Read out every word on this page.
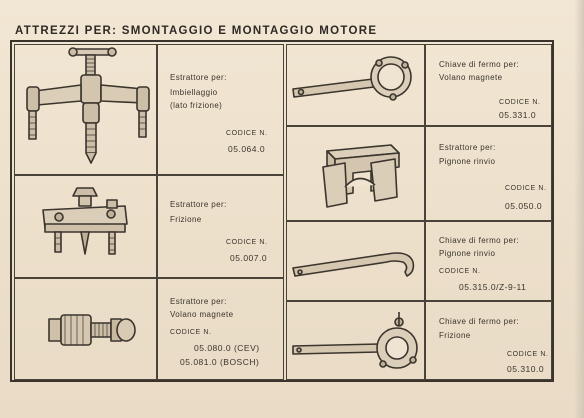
ATTREZZI PER: SMONTAGGIO E MONTAGGIO MOTORE
Estrattore per:
Imbiellaggio
(lato frizione)
CODICE N.
05.064.0
Estrattore per:
Frizione
CODICE N.
05.007.0
Estrattore per:
Volano magnete
CODICE N.
05.080.0 (CEV)
05.081.0 (BOSCH)
Chiave di fermo per:
Volano magnete
CODICE N.
05.331.0
Estrattore per:
Pignone rinvio
CODICE N.
05.050.0
Chiave di fermo per:
Pignone rinvio
CODICE N.
05.315.0/Z-9-11
Chiave di fermo per:
Frizione
CODICE N.
05.310.0
